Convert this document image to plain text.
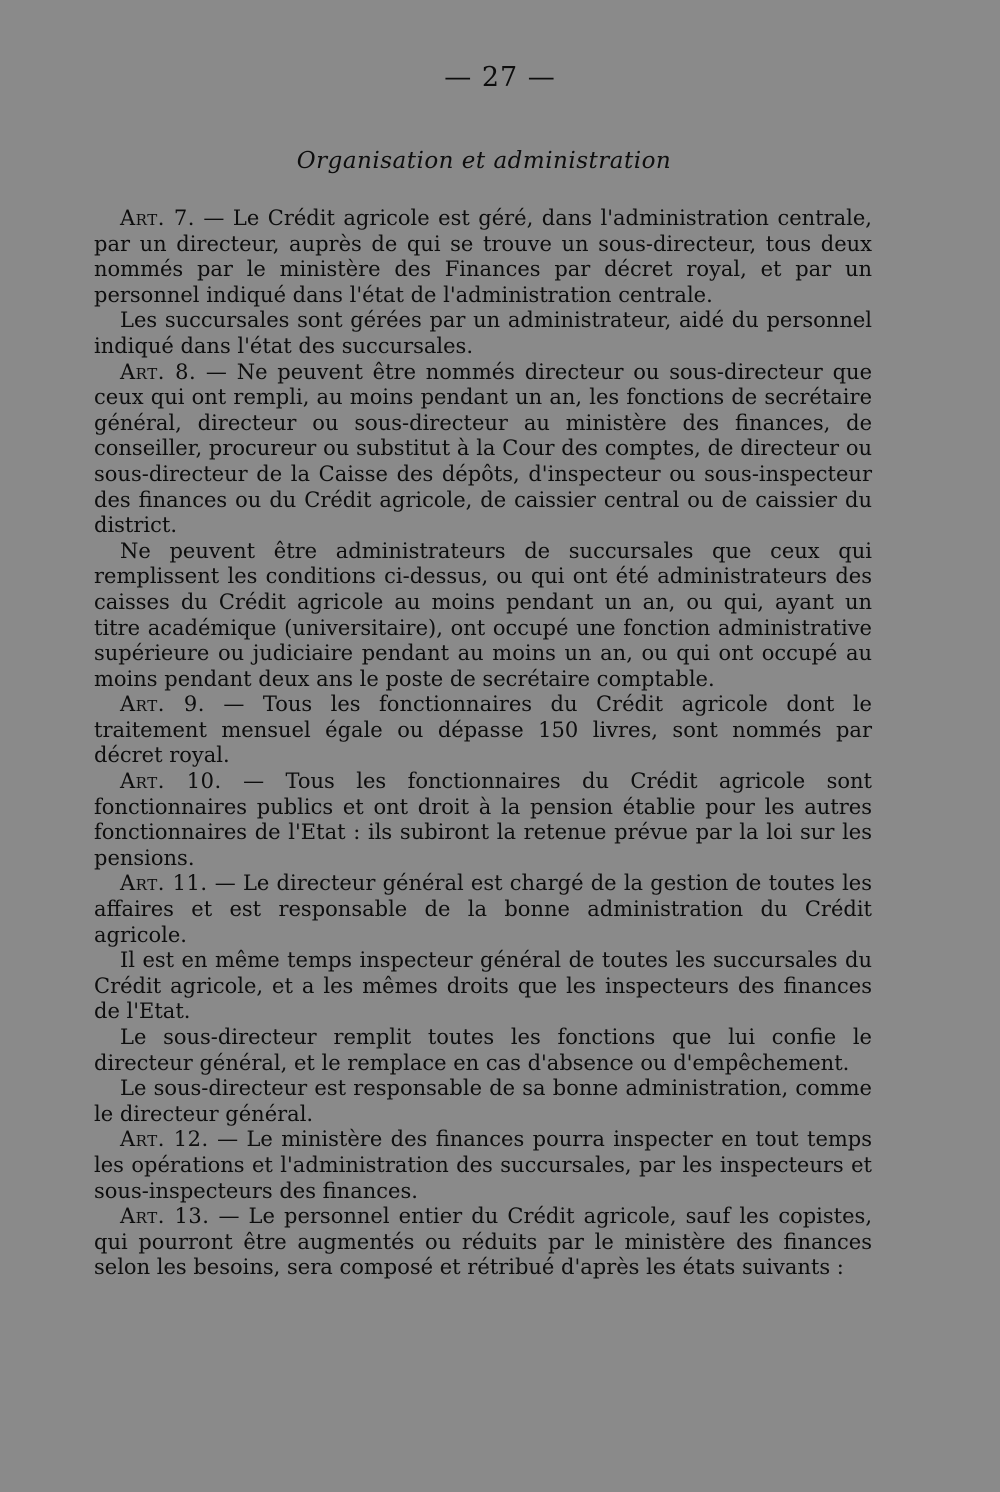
— 27 —
Organisation et administration

Art. 7. — Le Crédit agricole est géré, dans l'administration centrale, par un directeur, auprès de qui se trouve un sous-directeur, tous deux nommés par le ministère des Finances par décret royal, et par un personnel indiqué dans l'état de l'administration centrale.

Les succursales sont gérées par un administrateur, aidé du personnel indiqué dans l'état des succursales.

Art. 8. — Ne peuvent être nommés directeur ou sous-directeur que ceux qui ont rempli, au moins pendant un an, les fonctions de secrétaire général, directeur ou sous-directeur au ministère des finances, de conseiller, procureur ou substitut à la Cour des comptes, de directeur ou sous-directeur de la Caisse des dépôts, d'inspecteur ou sous-inspecteur des finances ou du Crédit agricole, de caissier central ou de caissier du district.

Ne peuvent être administrateurs de succursales que ceux qui remplissent les conditions ci-dessus, ou qui ont été administrateurs des caisses du Crédit agricole au moins pendant un an, ou qui, ayant un titre académique (universitaire), ont occupé une fonction administrative supérieure ou judiciaire pendant au moins un an, ou qui ont occupé au moins pendant deux ans le poste de secrétaire comptable.

Art. 9. — Tous les fonctionnaires du Crédit agricole dont le traitement mensuel égale ou dépasse 150 livres, sont nommés par décret royal.

Art. 10. — Tous les fonctionnaires du Crédit agricole sont fonctionnaires publics et ont droit à la pension établie pour les autres fonctionnaires de l'Etat : ils subiront la retenue prévue par la loi sur les pensions.

Art. 11. — Le directeur général est chargé de la gestion de toutes les affaires et est responsable de la bonne administration du Crédit agricole.

Il est en même temps inspecteur général de toutes les succursales du Crédit agricole, et a les mêmes droits que les inspecteurs des finances de l'Etat.

Le sous-directeur remplit toutes les fonctions que lui confie le directeur général, et le remplace en cas d'absence ou d'empêchement.

Le sous-directeur est responsable de sa bonne administration, comme le directeur général.

Art. 12. — Le ministère des finances pourra inspecter en tout temps les opérations et l'administration des succursales, par les inspecteurs et sous-inspecteurs des finances.

Art. 13. — Le personnel entier du Crédit agricole, sauf les copistes, qui pourront être augmentés ou réduits par le ministère des finances selon les besoins, sera composé et rétribué d'après les états suivants :
